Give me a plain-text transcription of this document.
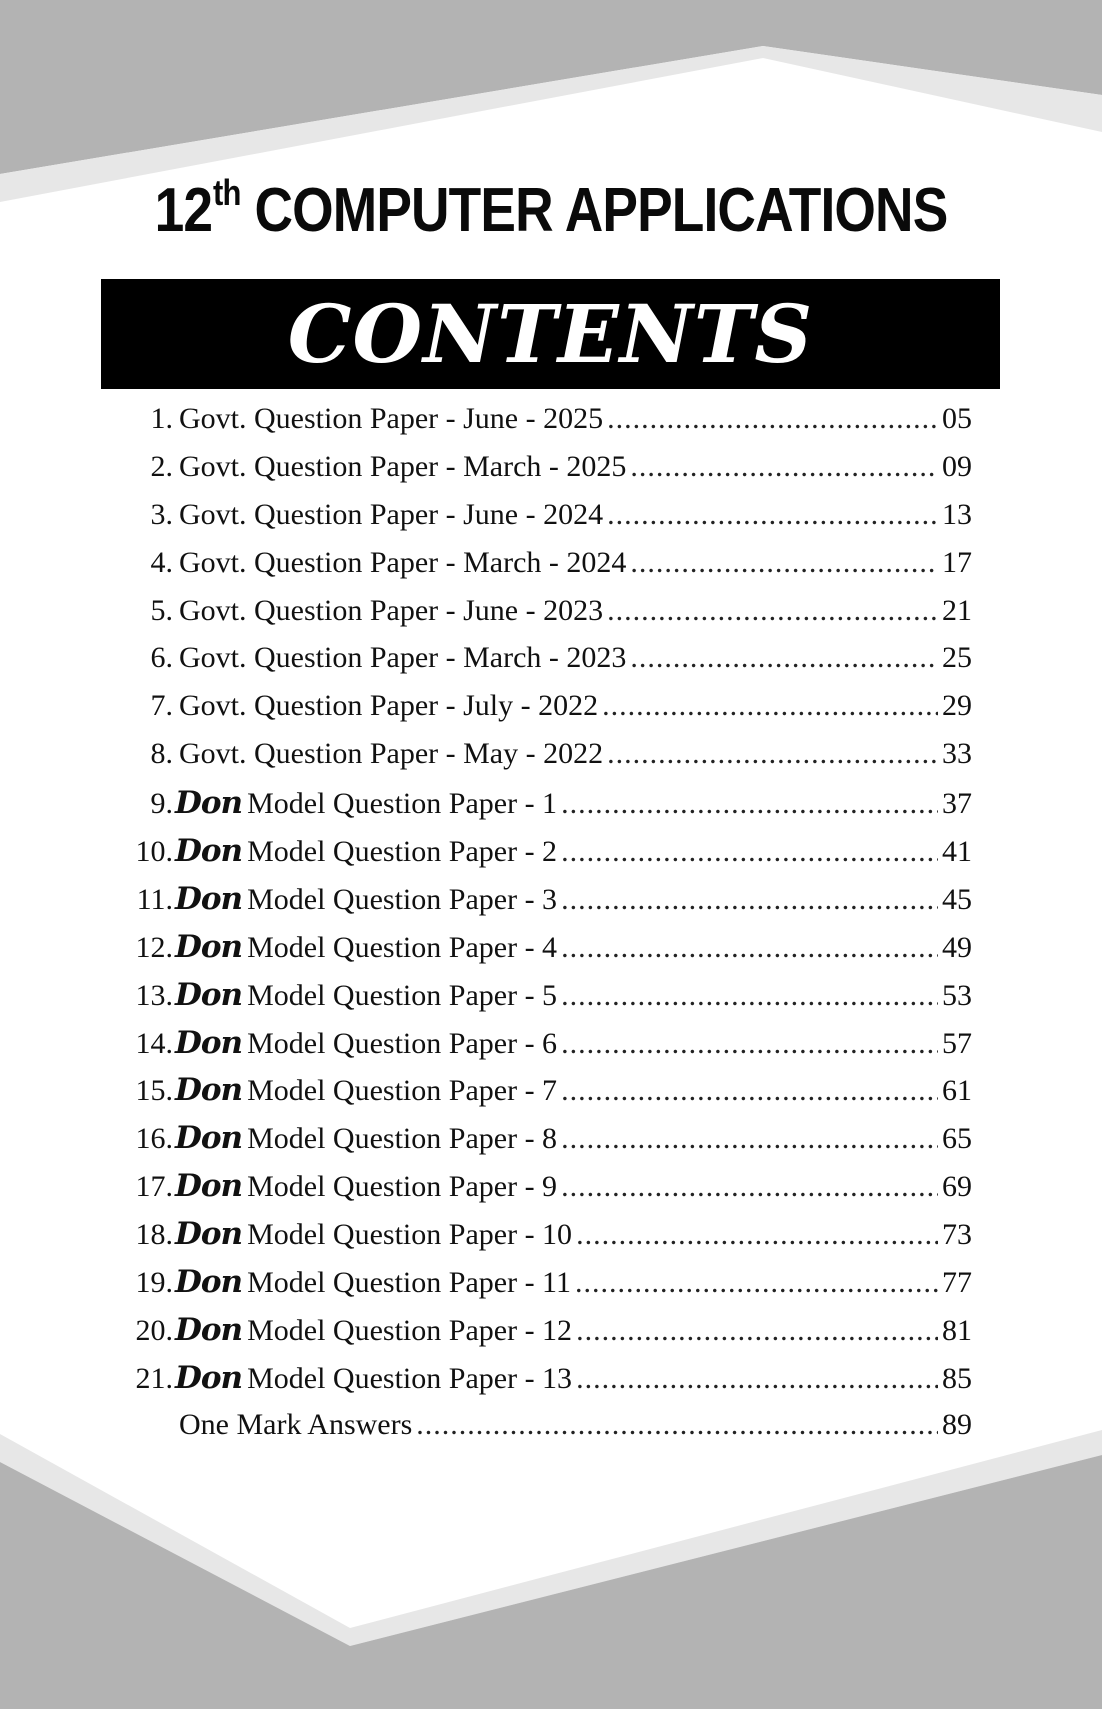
12th COMPUTER APPLICATIONS
CONTENTS
1. Govt. Question Paper - June - 2025 .....	05
2. Govt. Question Paper - March - 2025 .....	09
3. Govt. Question Paper - June - 2024 .....	13
4. Govt. Question Paper - March - 2024 .....	17
5. Govt. Question Paper - June - 2023 .....	21
6. Govt. Question Paper - March - 2023 .....	25
7. Govt. Question Paper - July - 2022 .....	29
8. Govt. Question Paper - May - 2022 .....	33
9. Don Model Question Paper - 1 .....	37
10. Don Model Question Paper - 2 .....	41
11. Don Model Question Paper - 3 .....	45
12. Don Model Question Paper - 4 .....	49
13. Don Model Question Paper - 5 .....	53
14. Don Model Question Paper - 6 .....	57
15. Don Model Question Paper - 7 .....	61
16. Don Model Question Paper - 8 .....	65
17. Don Model Question Paper - 9 .....	69
18. Don Model Question Paper - 10 .....	73
19. Don Model Question Paper - 11 .....	77
20. Don Model Question Paper - 12 .....	81
21. Don Model Question Paper - 13 .....	85
One Mark Answers .....	89
